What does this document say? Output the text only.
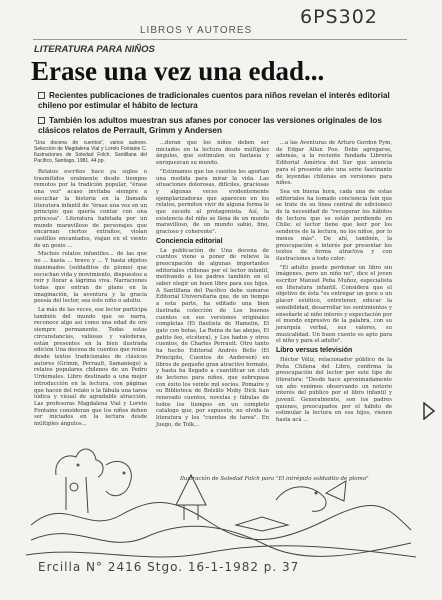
6PS302
LIBROS Y AUTORES
LITERATURA PARA NIÑOS
Erase una vez una edad...
Recientes publicaciones de tradicionales cuentos para niños revelan el interés editorial chileno por estimular el hábito de lectura
También los adultos muestran sus afanes por conocer las versiones originales de los clásicos relatos de Perrault, Grimm y Andersen
"Una docena de cuentos", varios autores. Selección de Magdalena Vial y Lorelo Fontaine C. Ilustraciones de Soledad Folch. Santillana del Pacífico, Santiago, 1981. 44 pp.

Relatos escritos hace ya siglos o trasmitidos oralmente desde tiempos remotos por la tradición popular, "érase una vez" acaso invitaba siempre a escuchar la historia en la llamada literatura infantil de "érase una vez en un principio que quería contar con una princesa". Literatura habitada por un mundo maravilloso de personajes que encarnan ciertos extraños, violan castillos encantados, viajan en el viento de un genio ...

Muchos relatos infantiles... de las que no ... hasta ... bravo y ... Y hasta objetos inanimados (soldaditos de plomo) que escuchan vida y movimiento, dispuestos a reír y llorar a lágrima viva. Narraciones todas que entran de plano en la imaginación, la aventura y la gracia poesía del lector, sea éste niño o adulto.

La más de las veces, ese lector participa también del mundo que se narra, reconoce algo así como una edad de oro siempre permanente. Todas estas circunstancias, valiosas y valederas, están presentes en la bien ilustrada edición Una docena de cuentos que reúne desde textos tradicionales de clásicos autores (Grimm, Perrault, Samaniego) a relatos populares chilenos de un Pedro Urdemales. Libro destinado a una mejor introducción en la lectura, con páginas que hacen del relato o la fábula una tarea lúdica y visual de agradable atracción. Las profesoras Magdalena Vial y Loreto Fontaine consideran que los niños deben ser iniciados en la lectura desde múltiples ángulos...

...deran que los niños deben ser iniciados en la lectura desde múltiples ángulos, que estimulen su fantasía y enriquezcan su mundo.

"Estimamos que los cuentos les aportan una medida para mirar la vida. Las situaciones dolorosas, difíciles, graciosas y algunas veces evidentemente ejemplarizadoras que aparecen en los relatos, permiten vivir de alguna forma lo que sucede al protagonista. Así, la existencia del niño se llena de un mundo maravilloso, de un mundo sabio, fino, gracioso y coherente".

Conciencia editorial

La publicación de Una docena de cuentos viene a poner de relieve la preocupación de algunas importantes editoriales chilenas por el lector infantil, motivando a los padres también en el saber elegir un buen libro para sus hijos. A Santillana del Pacífico debe sumarse Editorial Universitaria que, de un tiempo a esta parte, ha editado una bien ilustrada colección de Los buenos cuentos en sus versiones originales completas (El flautista de Hamelin, El gato con botas, La Reina de las abejas, El patito feo, etcétera), y Los hados y otros cuentos, de Charles Perrault. Otro tanto ha hecho Editorial Andrés Bello (El Principito, Cuentos de Andersen) en libros de pequeño gran atractivo formato, y hasta ha llegado a cuantificar un club de lectores para niños, que sobrepasa con éxito los veinte mil socios. Pomaire y su Biblioteca de Bolsillo Moby Dick han renovado cuentos, novelas y fábulas de todos los tiempos en un completo catálogo que, por supuesto, no olvida la literatura y los "cuentos de tarea". En Juego, de Tolk...

...a las Aventuras de Arturo Gordon Pym, de Edgar Allan Poe. Debe agregarse, además, a la reciente fundada Librería Editorial América del Sur que anuncia para el presente año una serie fascinante de leyendas chilenas en versiones para niños.

Sea en buena hora, cada una de estas editoriales ha tomado conciencia (sin que se trate de su línea central de ediciones) de la necesidad de "recuperar los hábitos de lectura que se están perdiendo en Chile: el lector tiene que leer por los senderos de la lectura, no los niños, por lo menos más". De ahí, también, la preocupación e interés por presentar los textos de forma atractiva y con ilustraciones a todo color.

"El adulto puede perdonar un libro sin imágenes, pero un niño no", dice el joven escritor Manuel Peña Muñoz, especialista en literatura infantil. Considera que el objetivo de ésta "es entregar un goce o un placer estético, entretener, educar la sensibilidad, desarrollar los sentimientos y enseñarle al niño interés y expectación por el mundo expresivo de la palabra, con su jerarquía verbal, sus valores, su musicalidad. Un buen cuento es apto para el niño y para el adulto".

Libro versus televisión

Héctor Véliz, relacionador público de la Peña Chilena del Libro, confirma la preocupación del lector por este tipo de literatura: "Desde hace aproximadamente un año venimos observando un notorio interés del público por el libro infantil y juvenil. Generalmente, son los padres quienes, preocupados por el hábito de estimular la lectura en sus hijos, vienen hasta acá ...

Ilustración de Soledad Folch para "El intrépido soldadito de plomo"
Ercilla N° 2416 Stgo. 16-1-1982 p. 37
